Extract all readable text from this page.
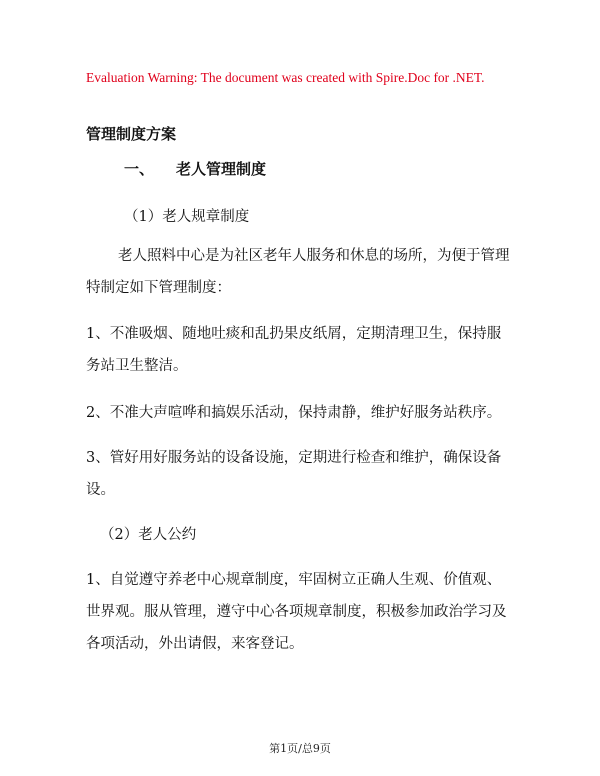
Evaluation Warning: The document was created with Spire.Doc for .NET.
管理制度方案
一、 老人管理制度
（1）老人规章制度
老人照料中心是为社区老年人服务和休息的场所，为便于管理
特制定如下管理制度：
1、不准吸烟、随地吐痰和乱扔果皮纸屑，定期清理卫生，保持服
务站卫生整洁。
2、不准大声喧哗和搞娱乐活动，保持肃静，维护好服务站秩序。
3、管好用好服务站的设备设施，定期进行检查和维护，确保设备
设。
（2）老人公约
1、自觉遵守养老中心规章制度，牢固树立正确人生观、价值观、
世界观。服从管理，遵守中心各项规章制度，积极参加政治学习及
各项活动，外出请假，来客登记。
第1页/总9页
